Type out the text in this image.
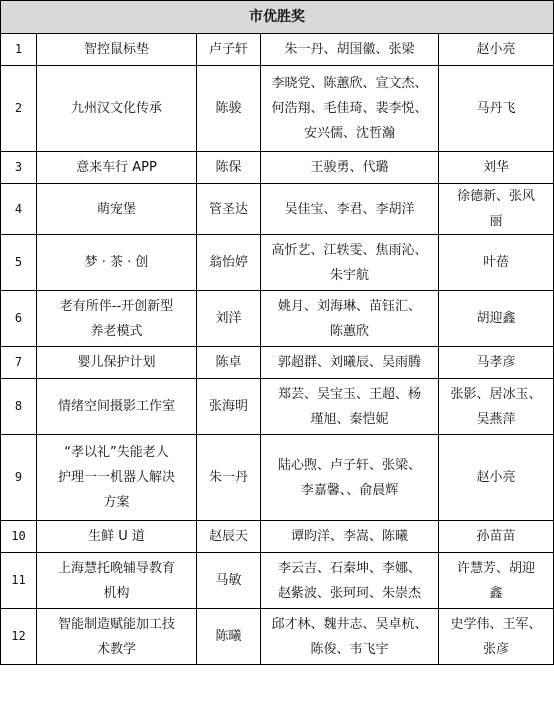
市优胜奖				
1	智控鼠标垫	卢子轩	朱一丹、胡国徽、张梁	赵小亮

2	九州汉文化传承	陈骏	李晓党、陈蕙欣、宣文杰、
何浩翔、毛佳琦、裴李悦、
安兴儒、沈哲瀚	马丹飞

3	意来车行 APP	陈保	王骏勇、代璐	刘华

4	萌宠堡	管圣达	吴佳宝、李君、李胡洋	徐德新、张风
丽

5	梦 · 茶 · 创	翁怡婷	高忻艺、江轶雯、焦雨沁、
朱宇航	叶蓓

6	老有所伴--开创新型
养老模式	刘洋	姚月、刘海琳、苗钰汇、
陈蕙欣	胡迎鑫

7	婴儿保护计划	陈卓	郭超群、刘曦辰、吴雨腾	马孝彦

8	情绪空间摄影工作室	张海明	郑芸、吴宝玉、王超、杨
瑾旭、秦恺妮	张影、居冰玉、
吴燕萍

9	“孝以礼”失能老人
护理一一机器人解决
方案	朱一丹	陆心煦、卢子轩、张梁、
李嘉馨、、俞晨辉	赵小亮

10	生鲜 U 道	赵辰天	谭昀洋、李嵩、陈曦	孙苗苗

11	上海慧托晚辅导教育
机构	马敏	李云吉、石秦坤、李娜、
赵紫波、张珂珂、朱崇杰	许慧芳、胡迎
鑫

12	智能制造赋能加工技
术教学	陈曦	邱才林、魏井志、吴卓杭、
陈俊、韦飞宇	史学伟、王军、
张彦
